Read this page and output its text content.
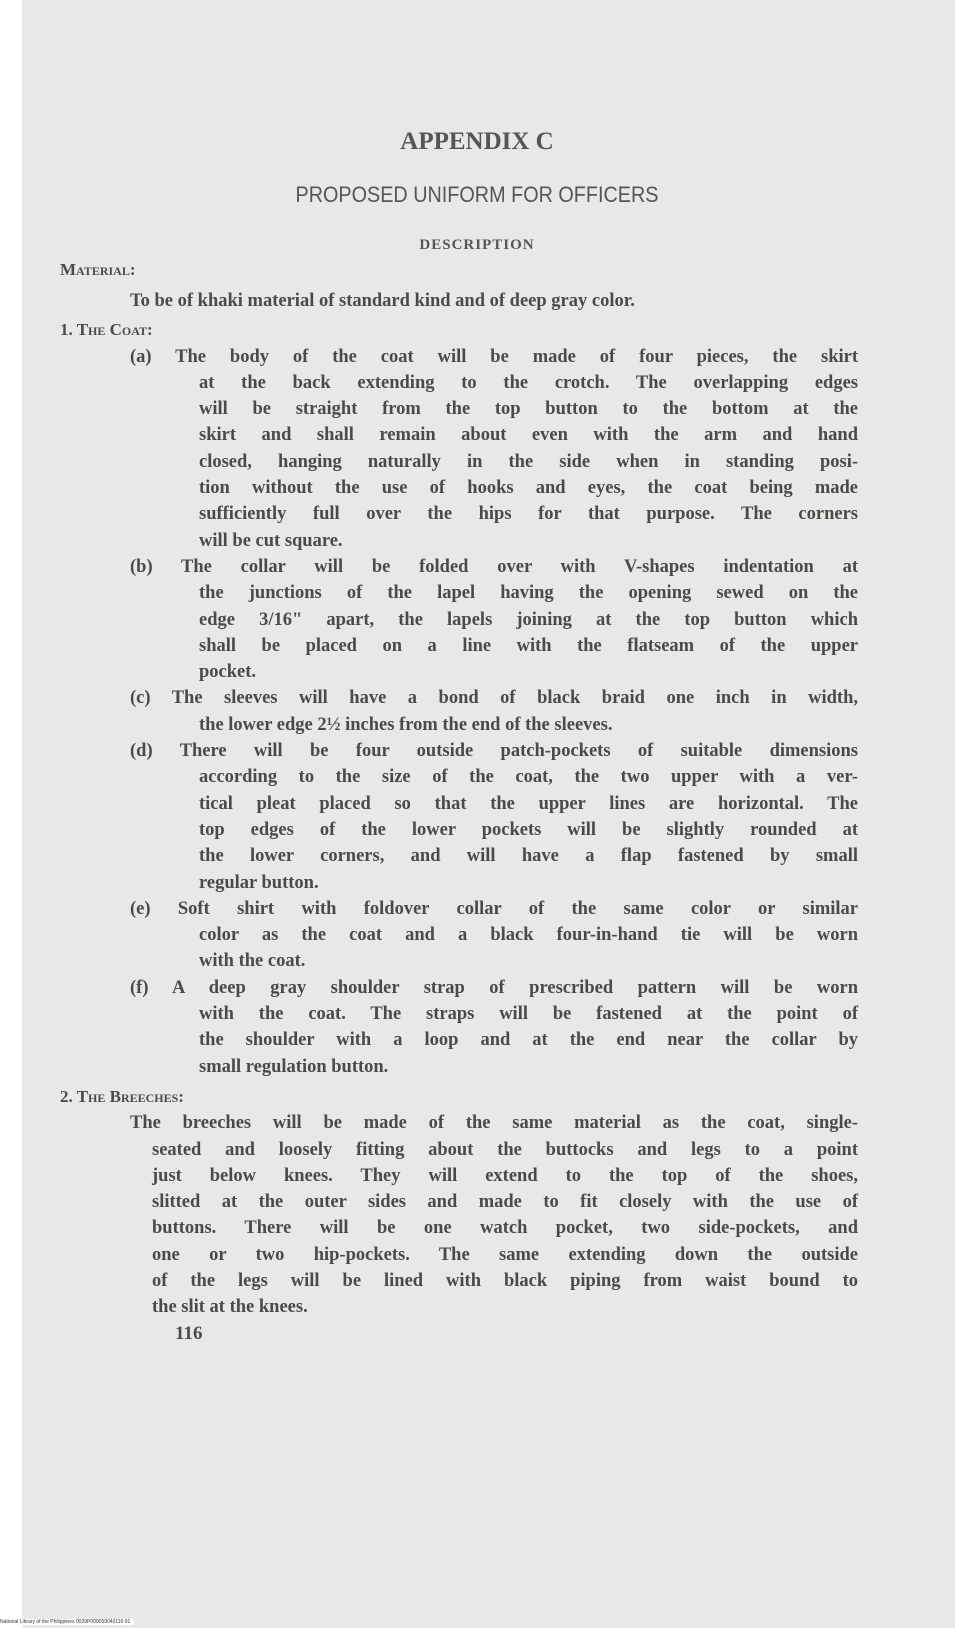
APPENDIX C
PROPOSED UNIFORM FOR OFFICERS
DESCRIPTION
Material:
To be of khaki material of standard kind and of deep gray color.
1. The Coat:
(a) The body of the coat will be made of four pieces, the skirt
at the back extending to the crotch. The overlapping edges
will be straight from the top button to the bottom at the
skirt and shall remain about even with the arm and hand
closed, hanging naturally in the side when in standing posi-
tion without the use of hooks and eyes, the coat being made
sufficiently full over the hips for that purpose. The corners
will be cut square.
(b) The collar will be folded over with V-shapes indentation at
the junctions of the lapel having the opening sewed on the
edge 3/16" apart, the lapels joining at the top button which
shall be placed on a line with the flatseam of the upper
pocket.
(c) The sleeves will have a bond of black braid one inch in width,
the lower edge 2½ inches from the end of the sleeves.
(d) There will be four outside patch-pockets of suitable dimensions
according to the size of the coat, the two upper with a ver-
tical pleat placed so that the upper lines are horizontal. The
top edges of the lower pockets will be slightly rounded at
the lower corners, and will have a flap fastened by small
regular button.
(e) Soft shirt with foldover collar of the same color or similar
color as the coat and a black four-in-hand tie will be worn
with the coat.
(f) A deep gray shoulder strap of prescribed pattern will be worn
with the coat. The straps will be fastened at the point of
the shoulder with a loop and at the end near the collar by
small regulation button.
2. The Breeches:
The breeches will be made of the same material as the coat, single-
seated and loosely fitting about the buttocks and legs to a point
just below knees. They will extend to the top of the shoes,
slitted at the outer sides and made to fit closely with the use of
buttons. There will be one watch pocket, two side-pockets, and
one or two hip-pockets. The same extending down the outside
of the legs will be lined with black piping from waist bound to
the slit at the knees.
116
National Library of the Philippines 0039P000059040116:91
